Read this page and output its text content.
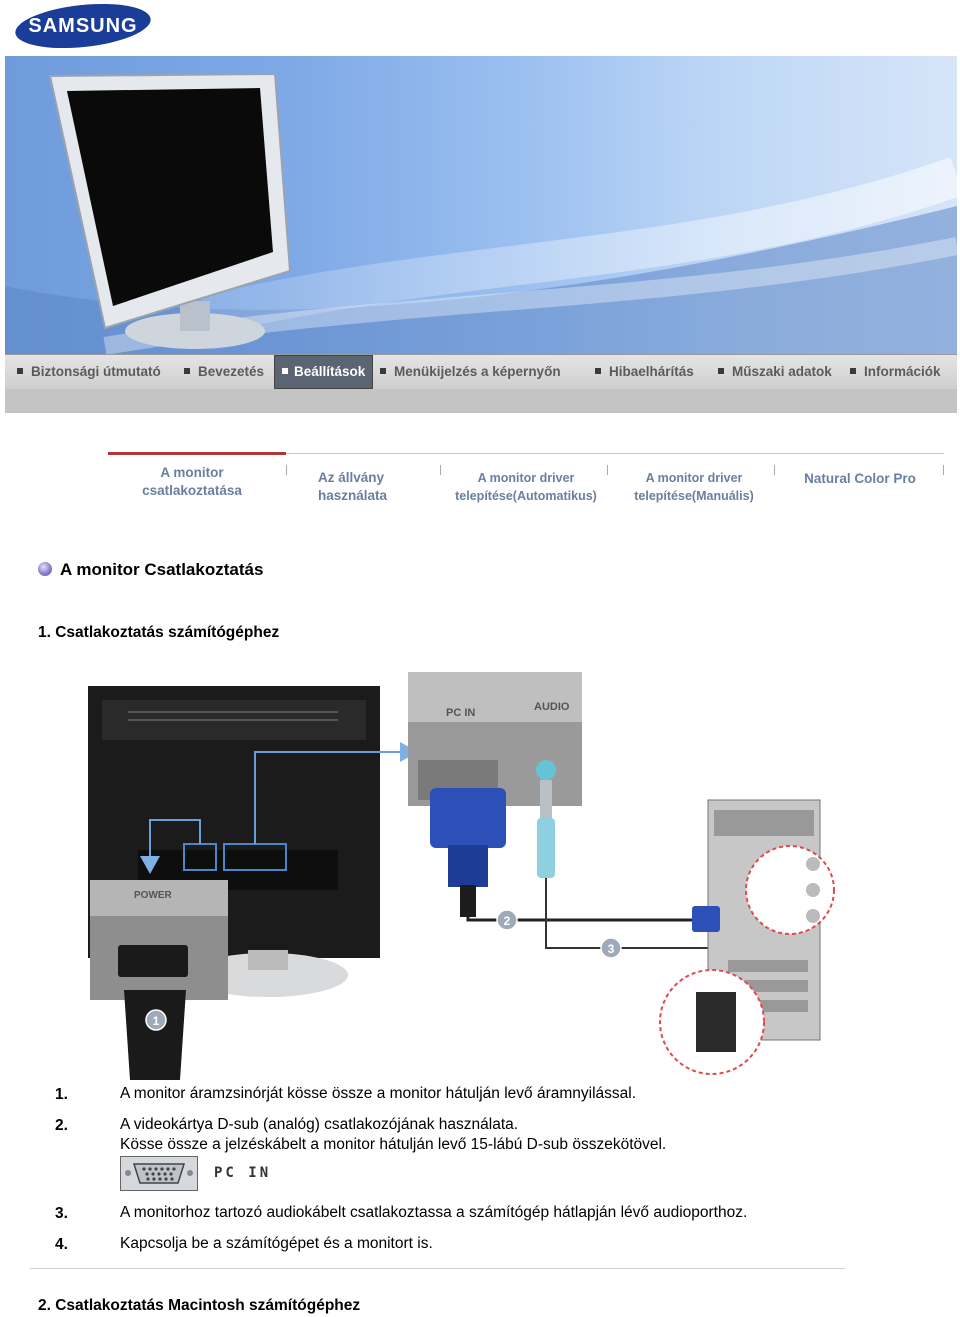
SAMSUNG
Biztonsági útmutató	Bevezetés	Beállítások	Menükijelzés a képernyőn	Hibaelhárítás	Műszaki adatok	Információk
A monitor
csatlakoztatása
Az állvány
használata
A monitor driver
telepítése(Automatikus)
A monitor driver
telepítése(Manuális)
Natural Color Pro
A monitor Csatlakoztatás
1. Csatlakoztatás számítógéphez
PC IN	AUDIO
POWER
1
2
3
1.	A monitor áramzsinórját kösse össze a monitor hátulján levő áramnyilással.
2.	A videokártya D-sub (analóg) csatlakozójának használata.
Kösse össze a jelzéskábelt a monitor hátulján levő 15-lábú D-sub összekötövel.
PC IN
3.	A monitorhoz tartozó audiokábelt csatlakoztassa a számítógép hátlapján lévő audioporthoz.
4.	Kapcsolja be a számítógépet és a monitort is.
2. Csatlakoztatás Macintosh számítógéphez
